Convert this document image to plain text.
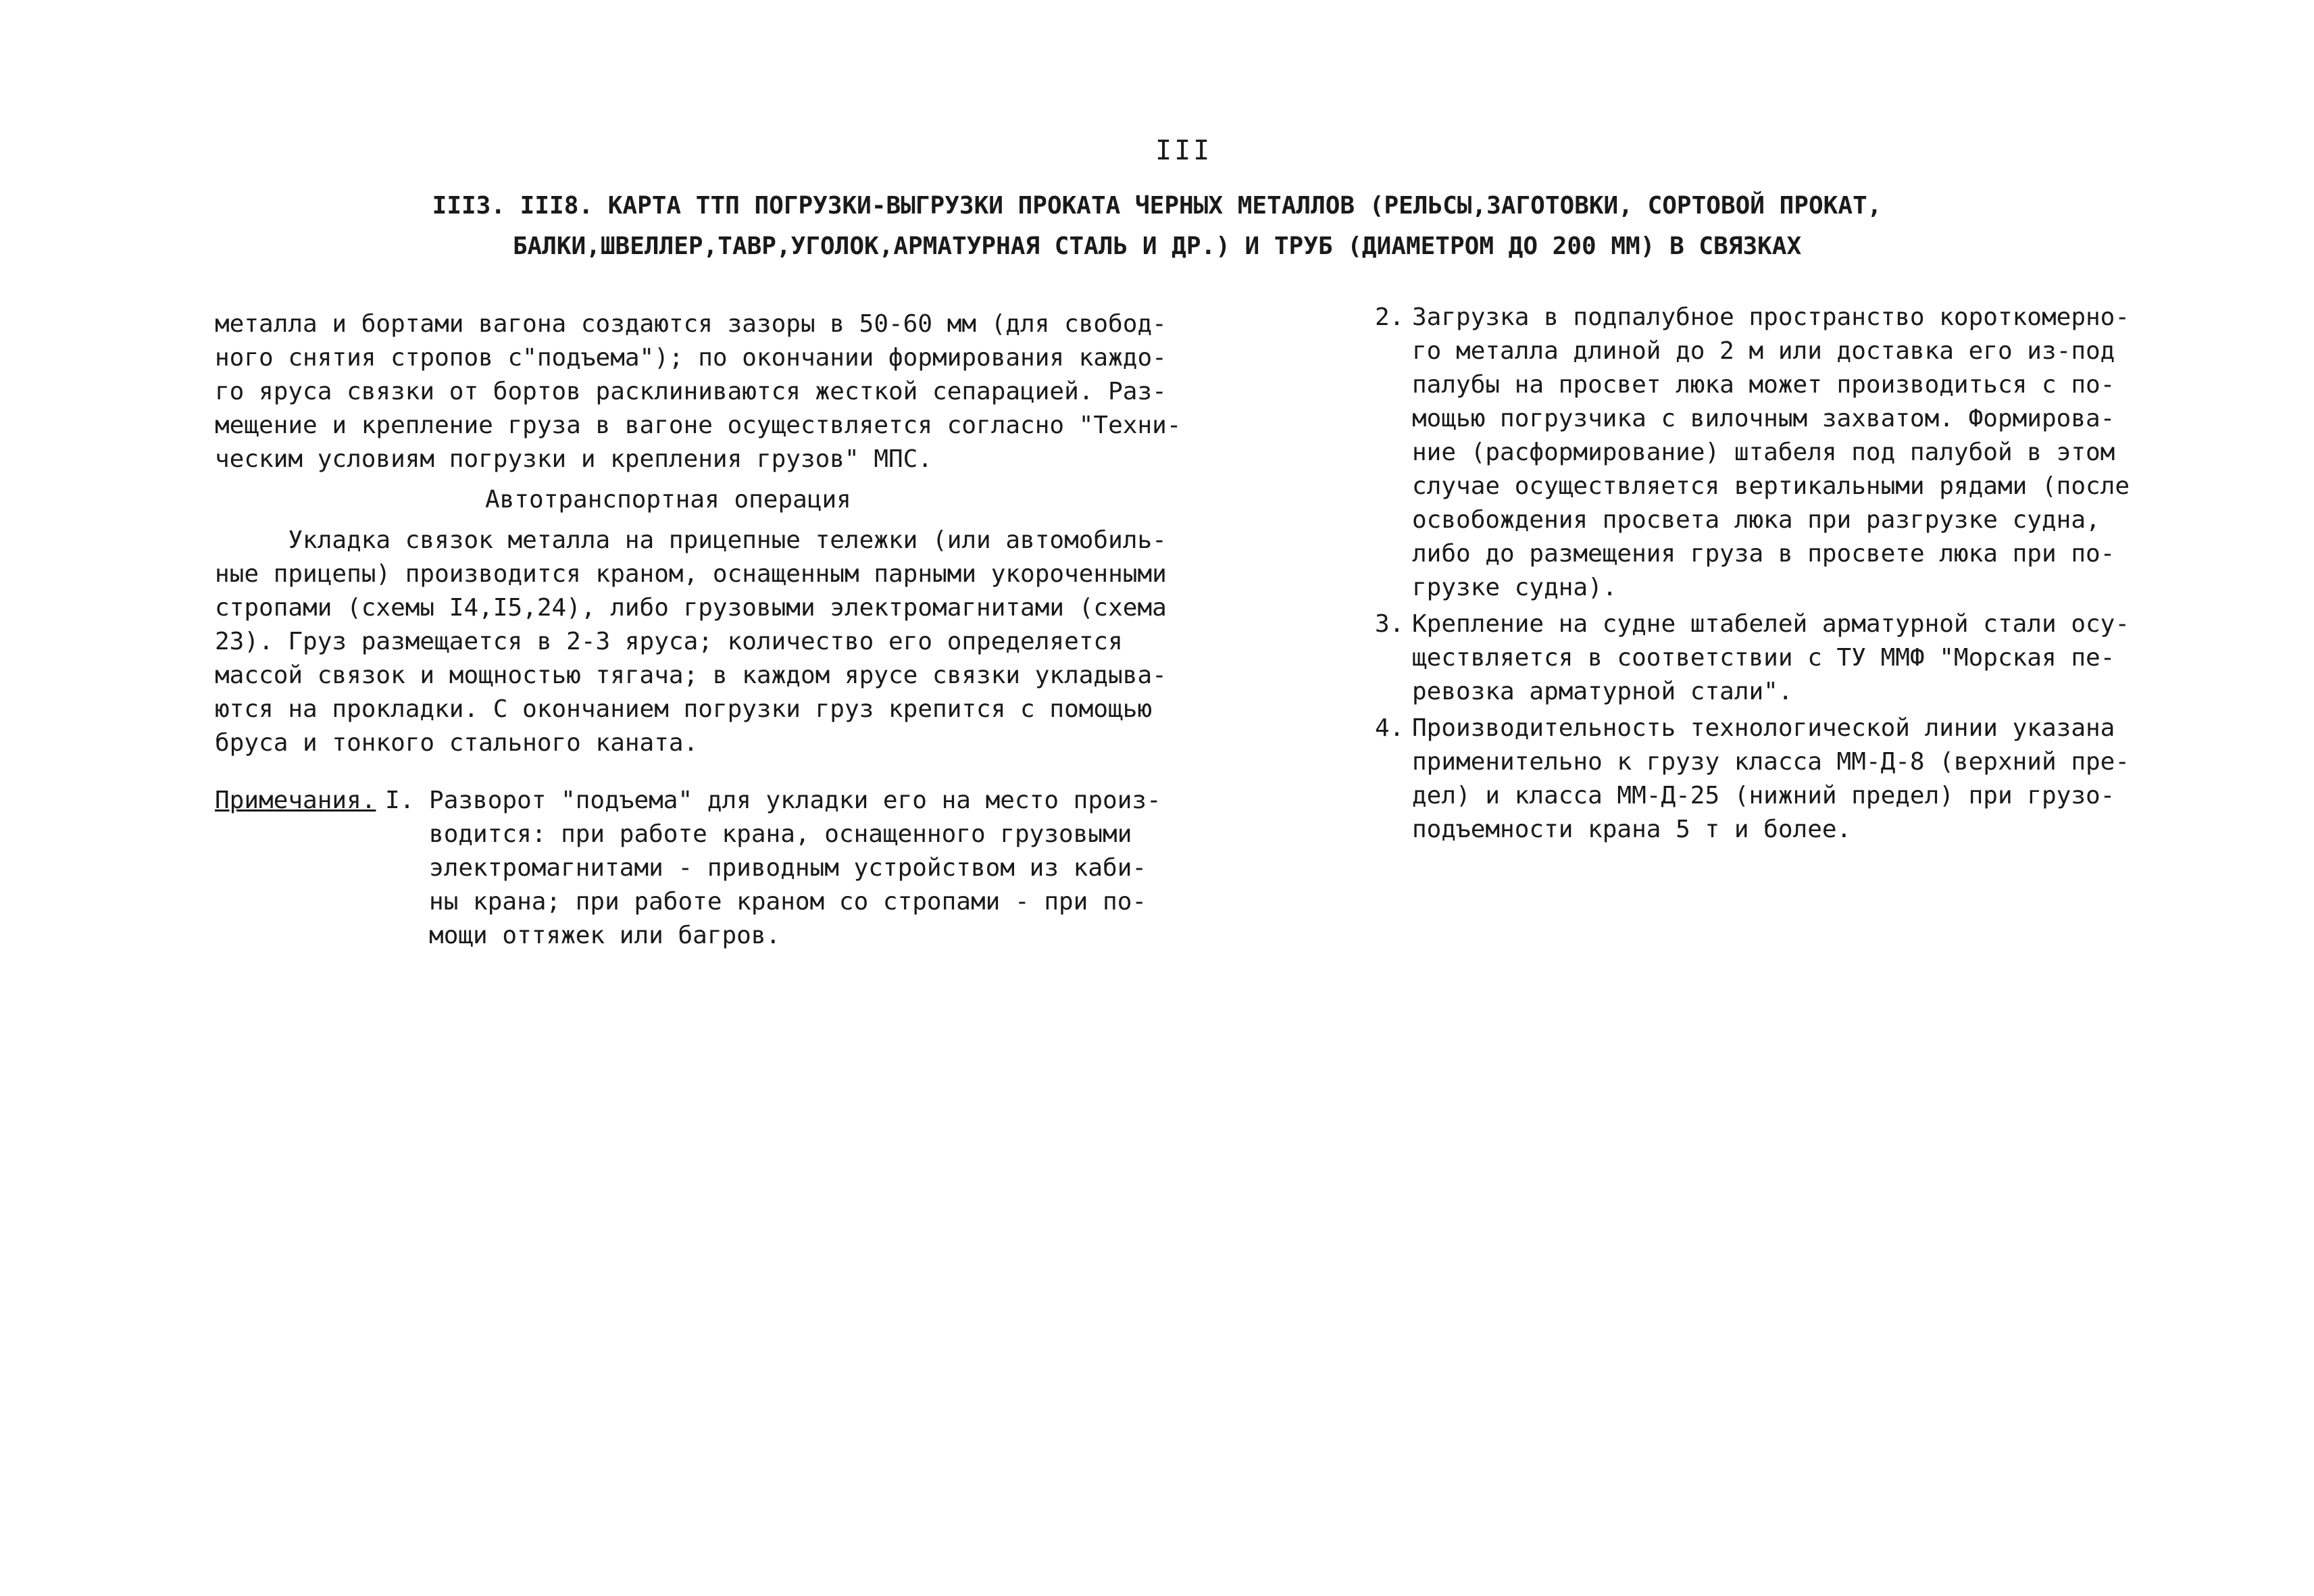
III
III3. III8. КАРТА ТТП ПОГРУЗКИ-ВЫГРУЗКИ ПРОКАТА ЧЕРНЫХ МЕТАЛЛОВ (РЕЛЬСЫ,ЗАГОТОВКИ, СОРТОВОЙ ПРОКАТ,
БАЛКИ,ШВЕЛЛЕР,ТАВР,УГОЛОК,АРМАТУРНАЯ СТАЛЬ И ДР.) И ТРУБ (ДИАМЕТРОМ ДО 200 ММ) В СВЯЗКАХ
металла и бортами вагона создаются зазоры в 50-60 мм (для свобод-
ного снятия стропов с"подъема"); по окончании формирования каждо-
го яруса связки от бортов расклиниваются жесткой сепарацией. Раз-
мещение и крепление груза в вагоне осуществляется согласно "Техни-
ческим условиям погрузки и крепления грузов" МПС.
Автотранспортная операция
Укладка связок металла на прицепные тележки (или автомобиль-
ные прицепы) производится краном, оснащенным парными укороченными
стропами (схемы I4,I5,24), либо грузовыми электромагнитами (схема
23). Груз размещается в 2-3 яруса; количество его определяется
массой связок и мощностью тягача; в каждом ярусе связки укладыва-
ются на прокладки. С окончанием погрузки груз крепится с помощью
бруса и тонкого стального каната.
Примечания. I. Разворот "подъема" для укладки его на место произ-
водится: при работе крана, оснащенного грузовыми
электромагнитами - приводным устройством из каби-
ны крана; при работе краном со стропами - при по-
мощи оттяжек или багров.
2. Загрузка в подпалубное пространство короткомерно-
го металла длиной до 2 м или доставка его из-под
палубы на просвет люка может производиться с по-
мощью погрузчика с вилочным захватом. Формирова-
ние (расформирование) штабеля под палубой в этом
случае осуществляется вертикальными рядами (после
освобождения просвета люка при разгрузке судна,
либо до размещения груза в просвете люка при по-
грузке судна).
3. Крепление на судне штабелей арматурной стали осу-
ществляется в соответствии с ТУ ММФ "Морская пе-
ревозка арматурной стали".
4. Производительность технологической линии указана
применительно к грузу класса ММ-Д-8 (верхний пре-
дел) и класса ММ-Д-25 (нижний предел) при грузо-
подъемности крана 5 т и более.
